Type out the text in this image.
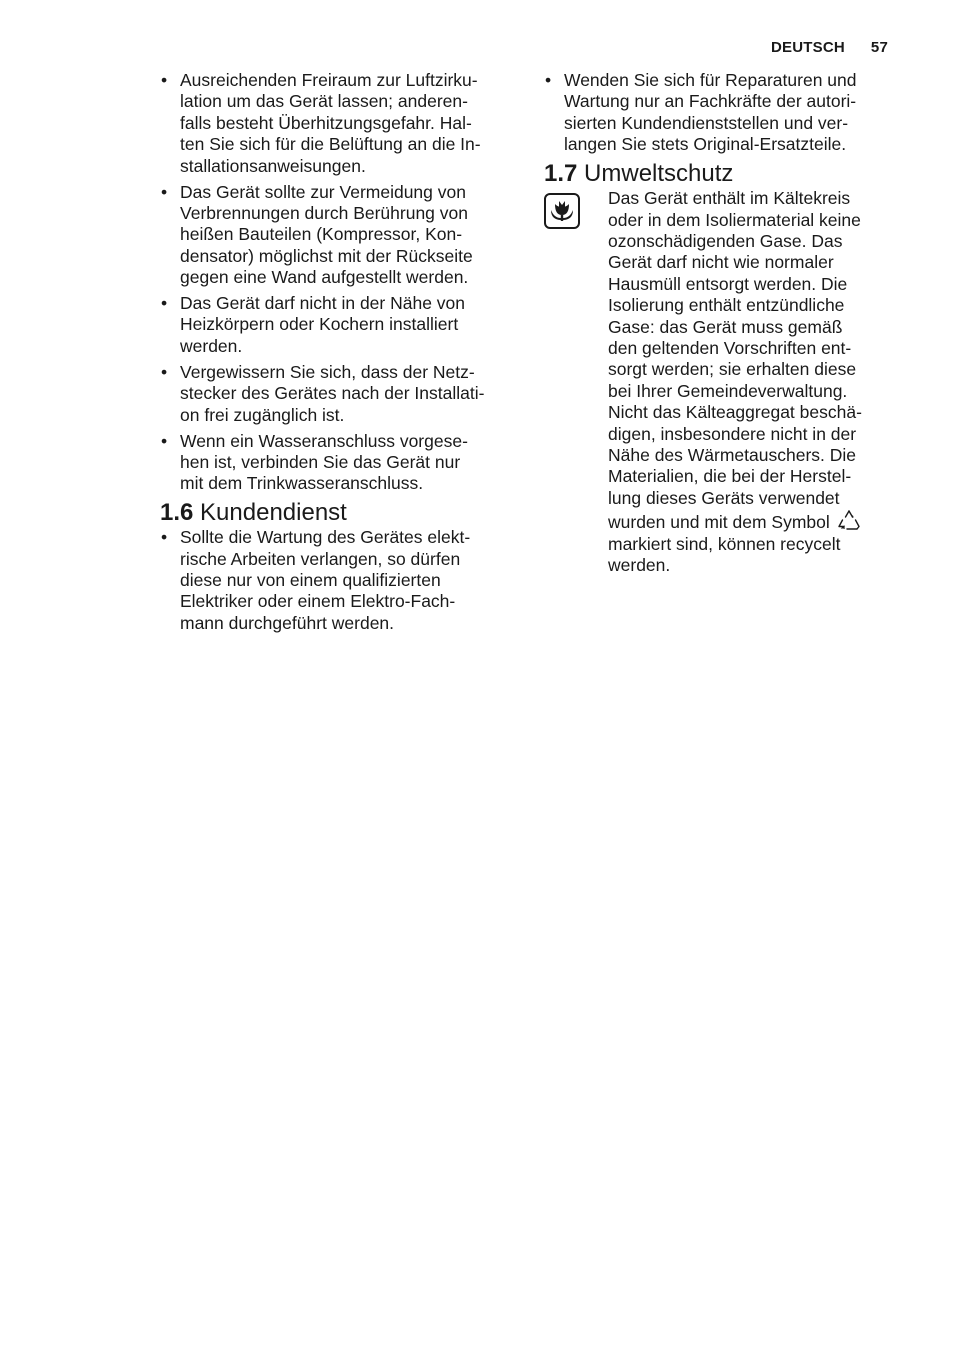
DEUTSCH 57
• Ausreichenden Freiraum zur Luftzirku-
lation um das Gerät lassen; anderen-
falls besteht Überhitzungsgefahr. Hal-
ten Sie sich für die Belüftung an die In-
stallationsanweisungen.
• Das Gerät sollte zur Vermeidung von
Verbrennungen durch Berührung von
heißen Bauteilen (Kompressor, Kon-
densator) möglichst mit der Rückseite
gegen eine Wand aufgestellt werden.
• Das Gerät darf nicht in der Nähe von
Heizkörpern oder Kochern installiert
werden.
• Vergewissern Sie sich, dass der Netz-
stecker des Gerätes nach der Installati-
on frei zugänglich ist.
• Wenn ein Wasseranschluss vorgese-
hen ist, verbinden Sie das Gerät nur
mit dem Trinkwasseranschluss.
1.6 Kundendienst
• Sollte die Wartung des Gerätes elekt-
rische Arbeiten verlangen, so dürfen
diese nur von einem qualifizierten
Elektriker oder einem Elektro-Fach-
mann durchgeführt werden.
• Wenden Sie sich für Reparaturen und
Wartung nur an Fachkräfte der autori-
sierten Kundendienststellen und ver-
langen Sie stets Original-Ersatzteile.
1.7 Umweltschutz
Das Gerät enthält im Kältekreis
oder in dem Isoliermaterial keine
ozonschädigenden Gase. Das
Gerät darf nicht wie normaler
Hausmüll entsorgt werden. Die
Isolierung enthält entzündliche
Gase: das Gerät muss gemäß
den geltenden Vorschriften ent-
sorgt werden; sie erhalten diese
bei Ihrer Gemeindeverwaltung.
Nicht das Kälteaggregat beschä-
digen, insbesondere nicht in der
Nähe des Wärmetauschers. Die
Materialien, die bei der Herstel-
lung dieses Geräts verwendet
wurden und mit dem Symbol
markiert sind, können recycelt
werden.
